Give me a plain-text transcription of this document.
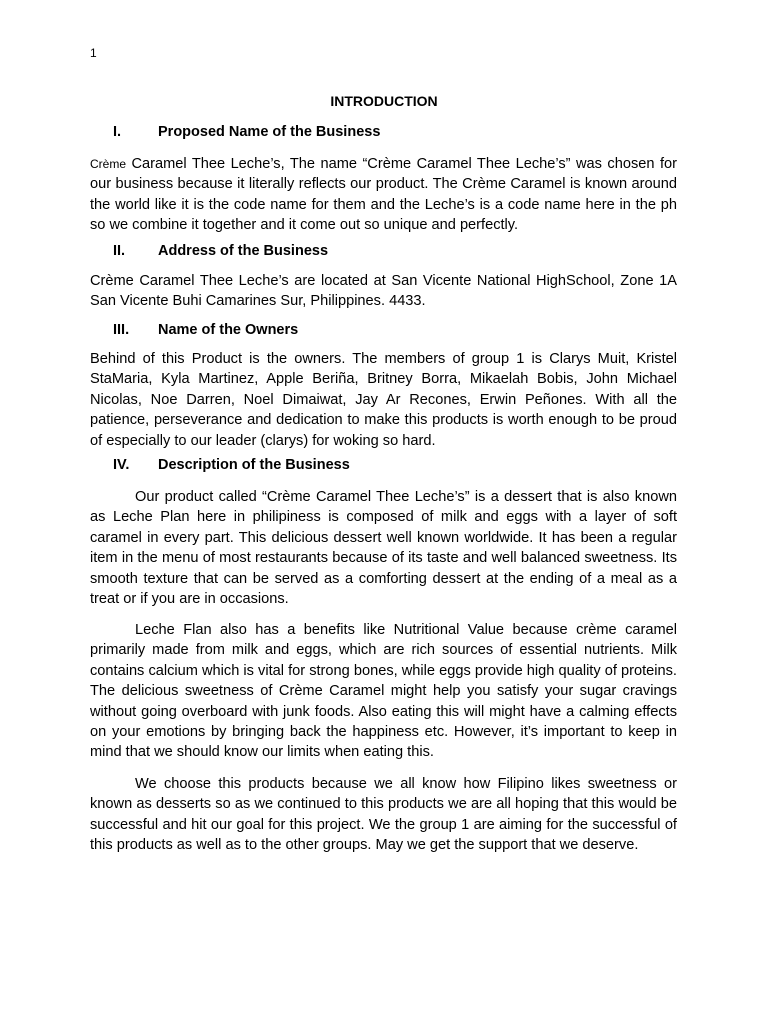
1
INTRODUCTION
I.	Proposed Name of the Business

Crème Caramel Thee Leche’s, The name “Crème Caramel Thee Leche’s” was chosen for our business because it literally reflects our product. The Crème Caramel is known around the world like it is the code name for them and the Leche’s is a code name here in the ph so we combine it together and it come out so unique and perfectly.

II. Address of the Business

Crème Caramel Thee Leche’s are located at San Vicente National HighSchool, Zone 1A San Vicente Buhi Camarines Sur, Philippines. 4433.

III. Name of the Owners

Behind of this Product is the owners. The members of group 1 is Clarys Muit, Kristel StaMaria, Kyla Martinez, Apple Beriña, Britney Borra, Mikaelah Bobis, John Michael Nicolas, Noe Darren, Noel Dimaiwat, Jay Ar Recones, Erwin Peñones. With all the patience, perseverance and dedication to make this products is worth enough to be proud of especially to our leader (clarys) for woking so hard.

IV. Description of the Business

Our product called “Crème Caramel Thee Leche’s” is a dessert that is also known as Leche Plan here in philipiness is composed of milk and eggs with a layer of soft caramel in every part. This delicious dessert well known worldwide. It has been a regular item in the menu of most restaurants because of its taste and well balanced sweetness. Its smooth texture that can be served as a comforting dessert at the ending of a meal as a treat or if you are in occasions.

Leche Flan also has a benefits like Nutritional Value because crème caramel primarily made from milk and eggs, which are rich sources of essential nutrients. Milk contains calcium which is vital for strong bones, while eggs provide high quality of proteins. The delicious sweetness of Crème Caramel might help you satisfy your sugar cravings without going overboard with junk foods. Also eating this will might have a calming effects on your emotions by bringing back the happiness etc. However, it’s important to keep in mind that we should know our limits when eating this.

We choose this products because we all know how Filipino likes sweetness or known as desserts so as we continued to this products we are all hoping that this would be successful and hit our goal for this project. We the group 1 are aiming for the successful of this products as well as to the other groups. May we get the support that we deserve.
